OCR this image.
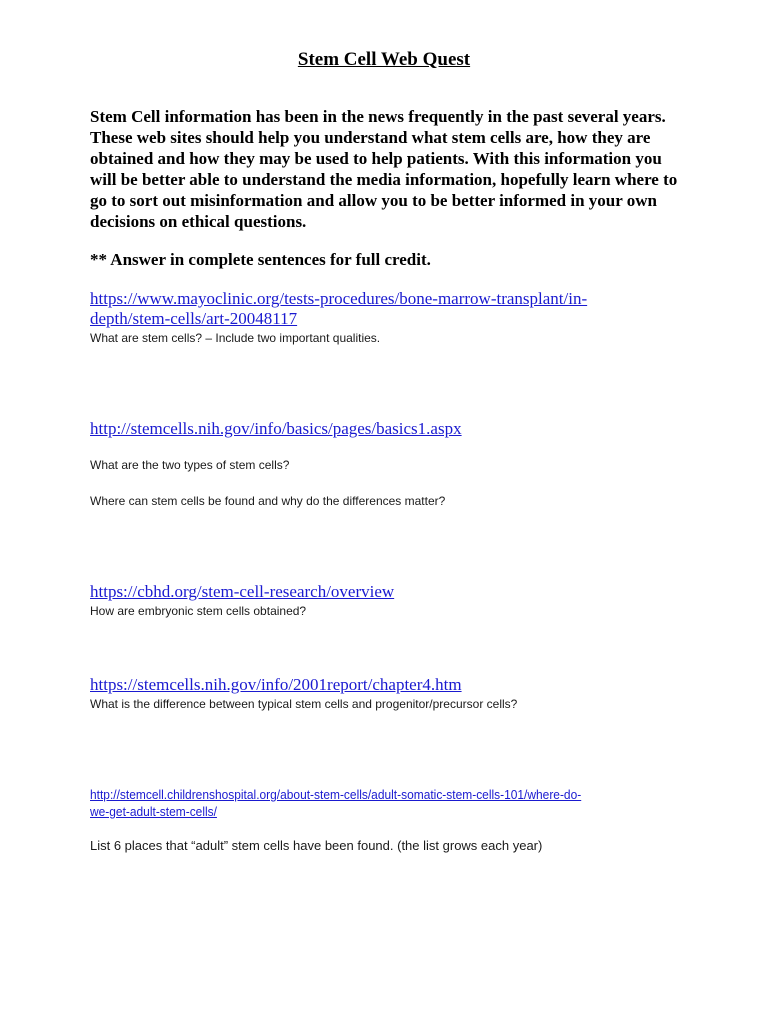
Stem Cell Web Quest

Stem Cell information has been in the news frequently in the past several years. These web sites should help you understand what stem cells are, how they are obtained and how they may be used to help patients. With this information you will be better able to understand the media information, hopefully learn where to go to sort out misinformation and allow you to be better informed in your own decisions on ethical questions.

** Answer in complete sentences for full credit.

https://www.mayoclinic.org/tests-procedures/bone-marrow-transplant/in-
depth/stem-cells/art-20048117

What are stem cells? – Include two important qualities.

http://stemcells.nih.gov/info/basics/pages/basics1.aspx

What are the two types of stem cells?

Where can stem cells be found and why do the differences matter?

https://cbhd.org/stem-cell-research/overview

How are embryonic stem cells obtained?

https://stemcells.nih.gov/info/2001report/chapter4.htm

What is the difference between typical stem cells and progenitor/precursor cells?

http://stemcell.childrenshospital.org/about-stem-cells/adult-somatic-stem-cells-101/where-do-
we-get-adult-stem-cells/

List 6 places that “adult” stem cells have been found. (the list grows each year)
